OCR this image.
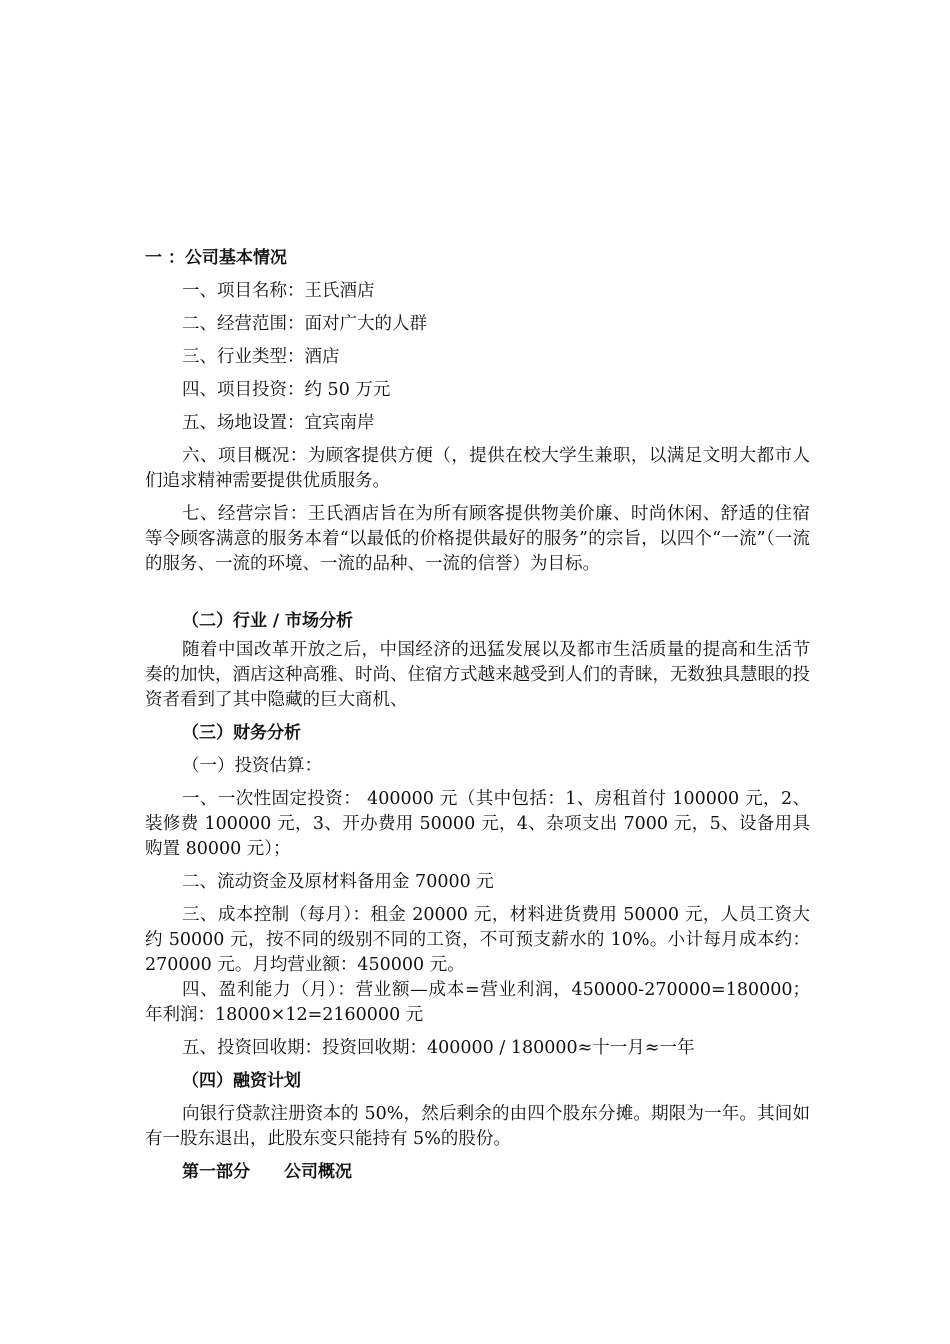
一 ：公司基本情况

一、项目名称：王氏酒店

二、经营范围：面对广大的人群

三、行业类型：酒店

四、项目投资：约 50 万元

五、场地设置：宜宾南岸

六、项目概况：为顾客提供方便（，提供在校大学生兼职，以满足文明大都市人们追求精神需要提供优质服务。

七、经营宗旨：王氏酒店旨在为所有顾客提供物美价廉、时尚休闲、舒适的住宿等令顾客满意的服务本着“以最低的价格提供最好的服务”的宗旨，以四个“一流”（一流的服务、一流的环境、一流的品种、一流的信誉）为目标。

（二）行业 / 市场分析

随着中国改革开放之后，中国经济的迅猛发展以及都市生活质量的提高和生活节奏的加快，酒店这种高雅、时尚、住宿方式越来越受到人们的青睐，无数独具慧眼的投资者看到了其中隐藏的巨大商机、

（三）财务分析

（一）投资估算：

一、一次性固定投资： 400000 元（其中包括：1、房租首付 100000 元，2、装修费 100000 元，3、开办费用 50000 元，4、杂项支出 7000 元，5、设备用具购置 80000 元）；

二、流动资金及原材料备用金 70000 元

三、成本控制（每月）：租金 20000 元，材料进货费用 50000 元，人员工资大约 50000 元，按不同的级别不同的工资，不可预支薪水的 10%。小计每月成本约：270000 元。月均营业额：450000 元。

四、盈利能力（月）：营业额—成本=营业利润，450000-270000=180000；年利润：18000×12=2160000 元

五、投资回收期：投资回收期：400000 / 180000≈十一月≈一年

（四）融资计划

向银行贷款注册资本的 50%，然后剩余的由四个股东分摊。期限为一年。其间如有一股东退出，此股东变只能持有 5%的股份。

第一部分　　公司概况
